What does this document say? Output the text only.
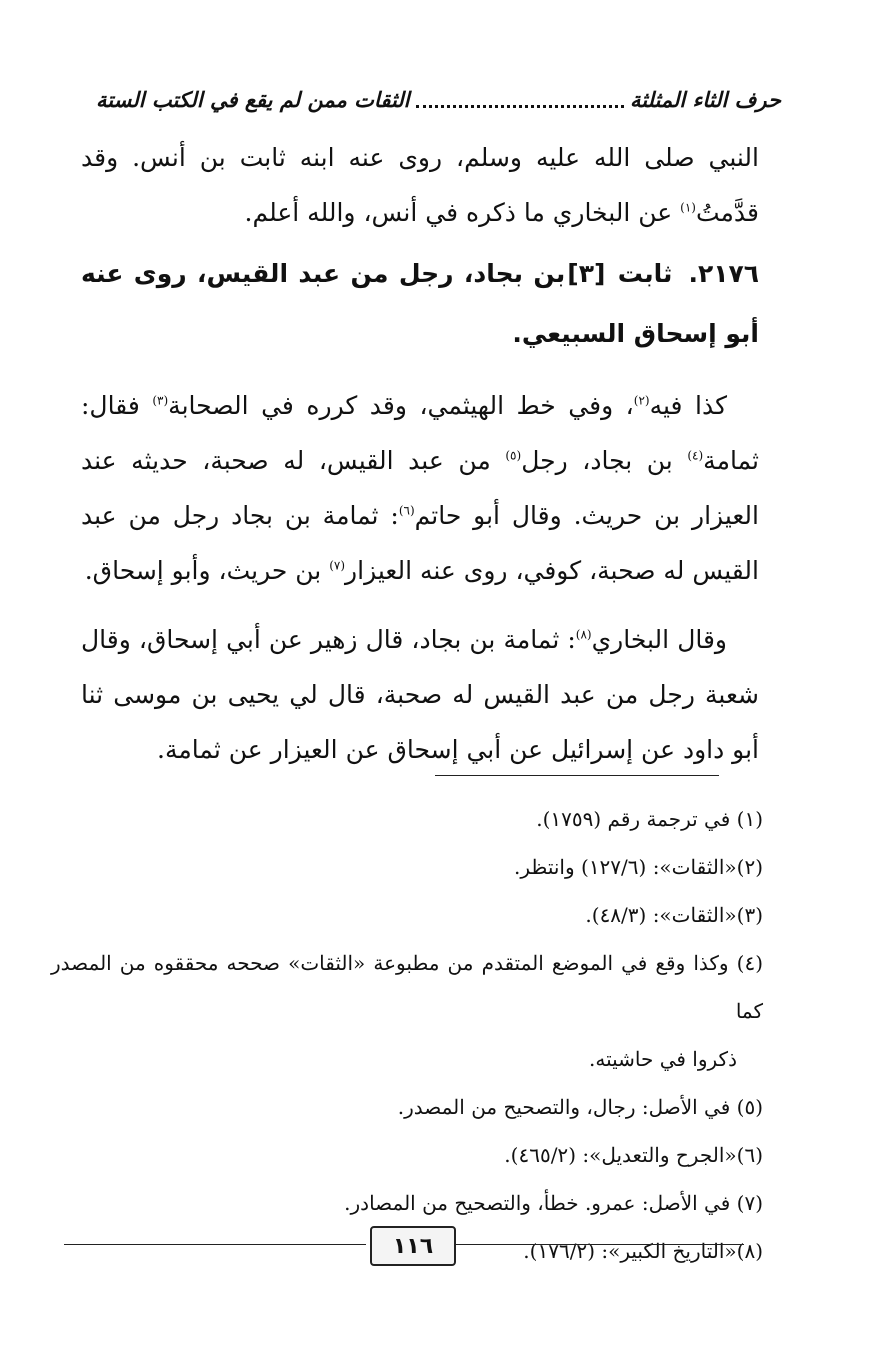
حرف الثاء المثلثة
الثقات ممن لم يقع في الكتب الستة

النبي صلى الله عليه وسلم، روى عنه ابنه ثابت بن أنس. وقد قدَّمتُ$^{(١)}$ عن البخاري ما ذكره في أنس، والله أعلم.

٢١٧٦.ثابت [٣]بن بجاد، رجل من عبد القيس، روى عنه أبو إسحاق السبيعي.

كذا فيه$^{(٢)}$، وفي خط الهيثمي، وقد كرره في الصحابة$^{(٣)}$ فقال: ثمامة$^{(٤)}$ بن بجاد، رجل$^{(٥)}$ من عبد القيس، له صحبة، حديثه عند العيزار بن حريث. وقال أبو حاتم$^{(٦)}$: ثمامة بن بجاد رجل من عبد القيس له صحبة، كوفي، روى عنه العيزار$^{(٧)}$ بن حريث، وأبو إسحاق.

وقال البخاري$^{(٨)}$: ثمامة بن بجاد، قال زهير عن أبي إسحاق، وقال شعبة رجل من عبد القيس له صحبة، قال لي يحيى بن موسى ثنا أبو داود عن إسرائيل عن أبي إسحاق عن العيزار عن ثمامة.

(١) في ترجمة رقم (١٧٥٩).

(٢)«الثقات»: (١٢٧/٦) وانتظر.

(٣)«الثقات»: (٤٨/٣).

(٤) وكذا وقع في الموضع المتقدم من مطبوعة «الثقات» صححه محققوه من المصدر كما

ذكروا في حاشيته.

(٥) في الأصل: رجال، والتصحيح من المصدر.

(٦)«الجرح والتعديل»: (٤٦٥/٢).

(٧) في الأصل: عمرو. خطأ، والتصحيح من المصادر.

(٨)«التاريخ الكبير»: (١٧٦/٢).

١١٦
